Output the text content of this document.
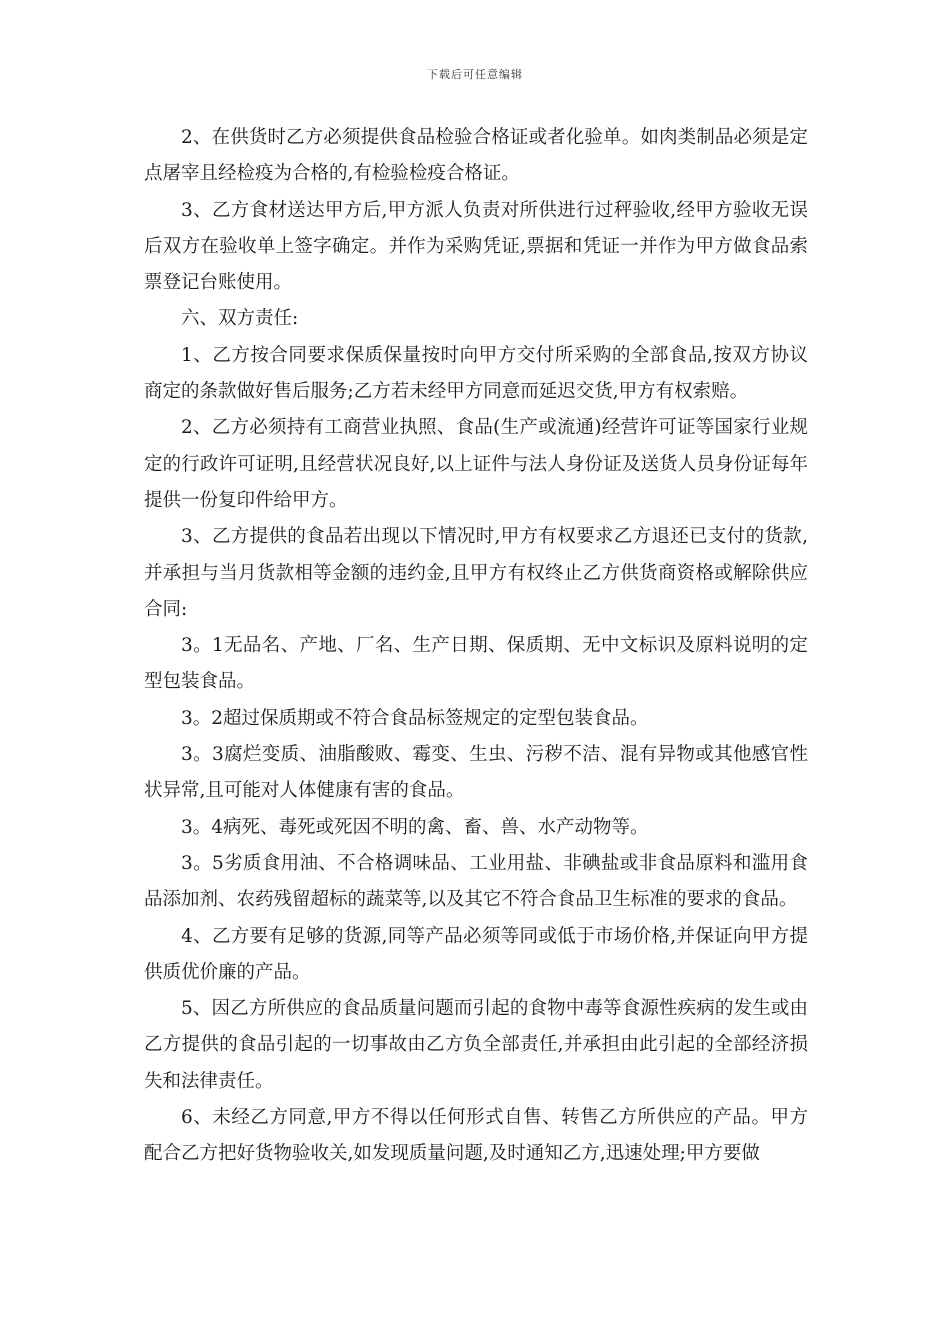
下载后可任意编辑

2、在供货时乙方必须提供食品检验合格证或者化验单。如肉类制品必须是定点屠宰且经检疫为合格的,有检验检疫合格证。

3、乙方食材送达甲方后,甲方派人负责对所供进行过秤验收,经甲方验收无误后双方在验收单上签字确定。并作为采购凭证,票据和凭证一并作为甲方做食品索票登记台账使用。

六、双方责任:

1、乙方按合同要求保质保量按时向甲方交付所采购的全部食品,按双方协议商定的条款做好售后服务;乙方若未经甲方同意而延迟交货,甲方有权索赔。

2、乙方必须持有工商营业执照、食品(生产或流通)经营许可证等国家行业规定的行政许可证明,且经营状况良好,以上证件与法人身份证及送货人员身份证每年提供一份复印件给甲方。

3、乙方提供的食品若出现以下情况时,甲方有权要求乙方退还已支付的货款,并承担与当月货款相等金额的违约金,且甲方有权终止乙方供货商资格或解除供应合同:

3。1无品名、产地、厂名、生产日期、保质期、无中文标识及原料说明的定型包装食品。

3。2超过保质期或不符合食品标签规定的定型包装食品。

3。3腐烂变质、油脂酸败、霉变、生虫、污秽不洁、混有异物或其他感官性状异常,且可能对人体健康有害的食品。

3。4病死、毒死或死因不明的禽、畜、兽、水产动物等。

3。5劣质食用油、不合格调味品、工业用盐、非碘盐或非食品原料和滥用食品添加剂、农药残留超标的蔬菜等,以及其它不符合食品卫生标准的要求的食品。

4、乙方要有足够的货源,同等产品必须等同或低于市场价格,并保证向甲方提供质优价廉的产品。

5、因乙方所供应的食品质量问题而引起的食物中毒等食源性疾病的发生或由乙方提供的食品引起的一切事故由乙方负全部责任,并承担由此引起的全部经济损失和法律责任。

6、未经乙方同意,甲方不得以任何形式自售、转售乙方所供应的产品。甲方配合乙方把好货物验收关,如发现质量问题,及时通知乙方,迅速处理;甲方要做
